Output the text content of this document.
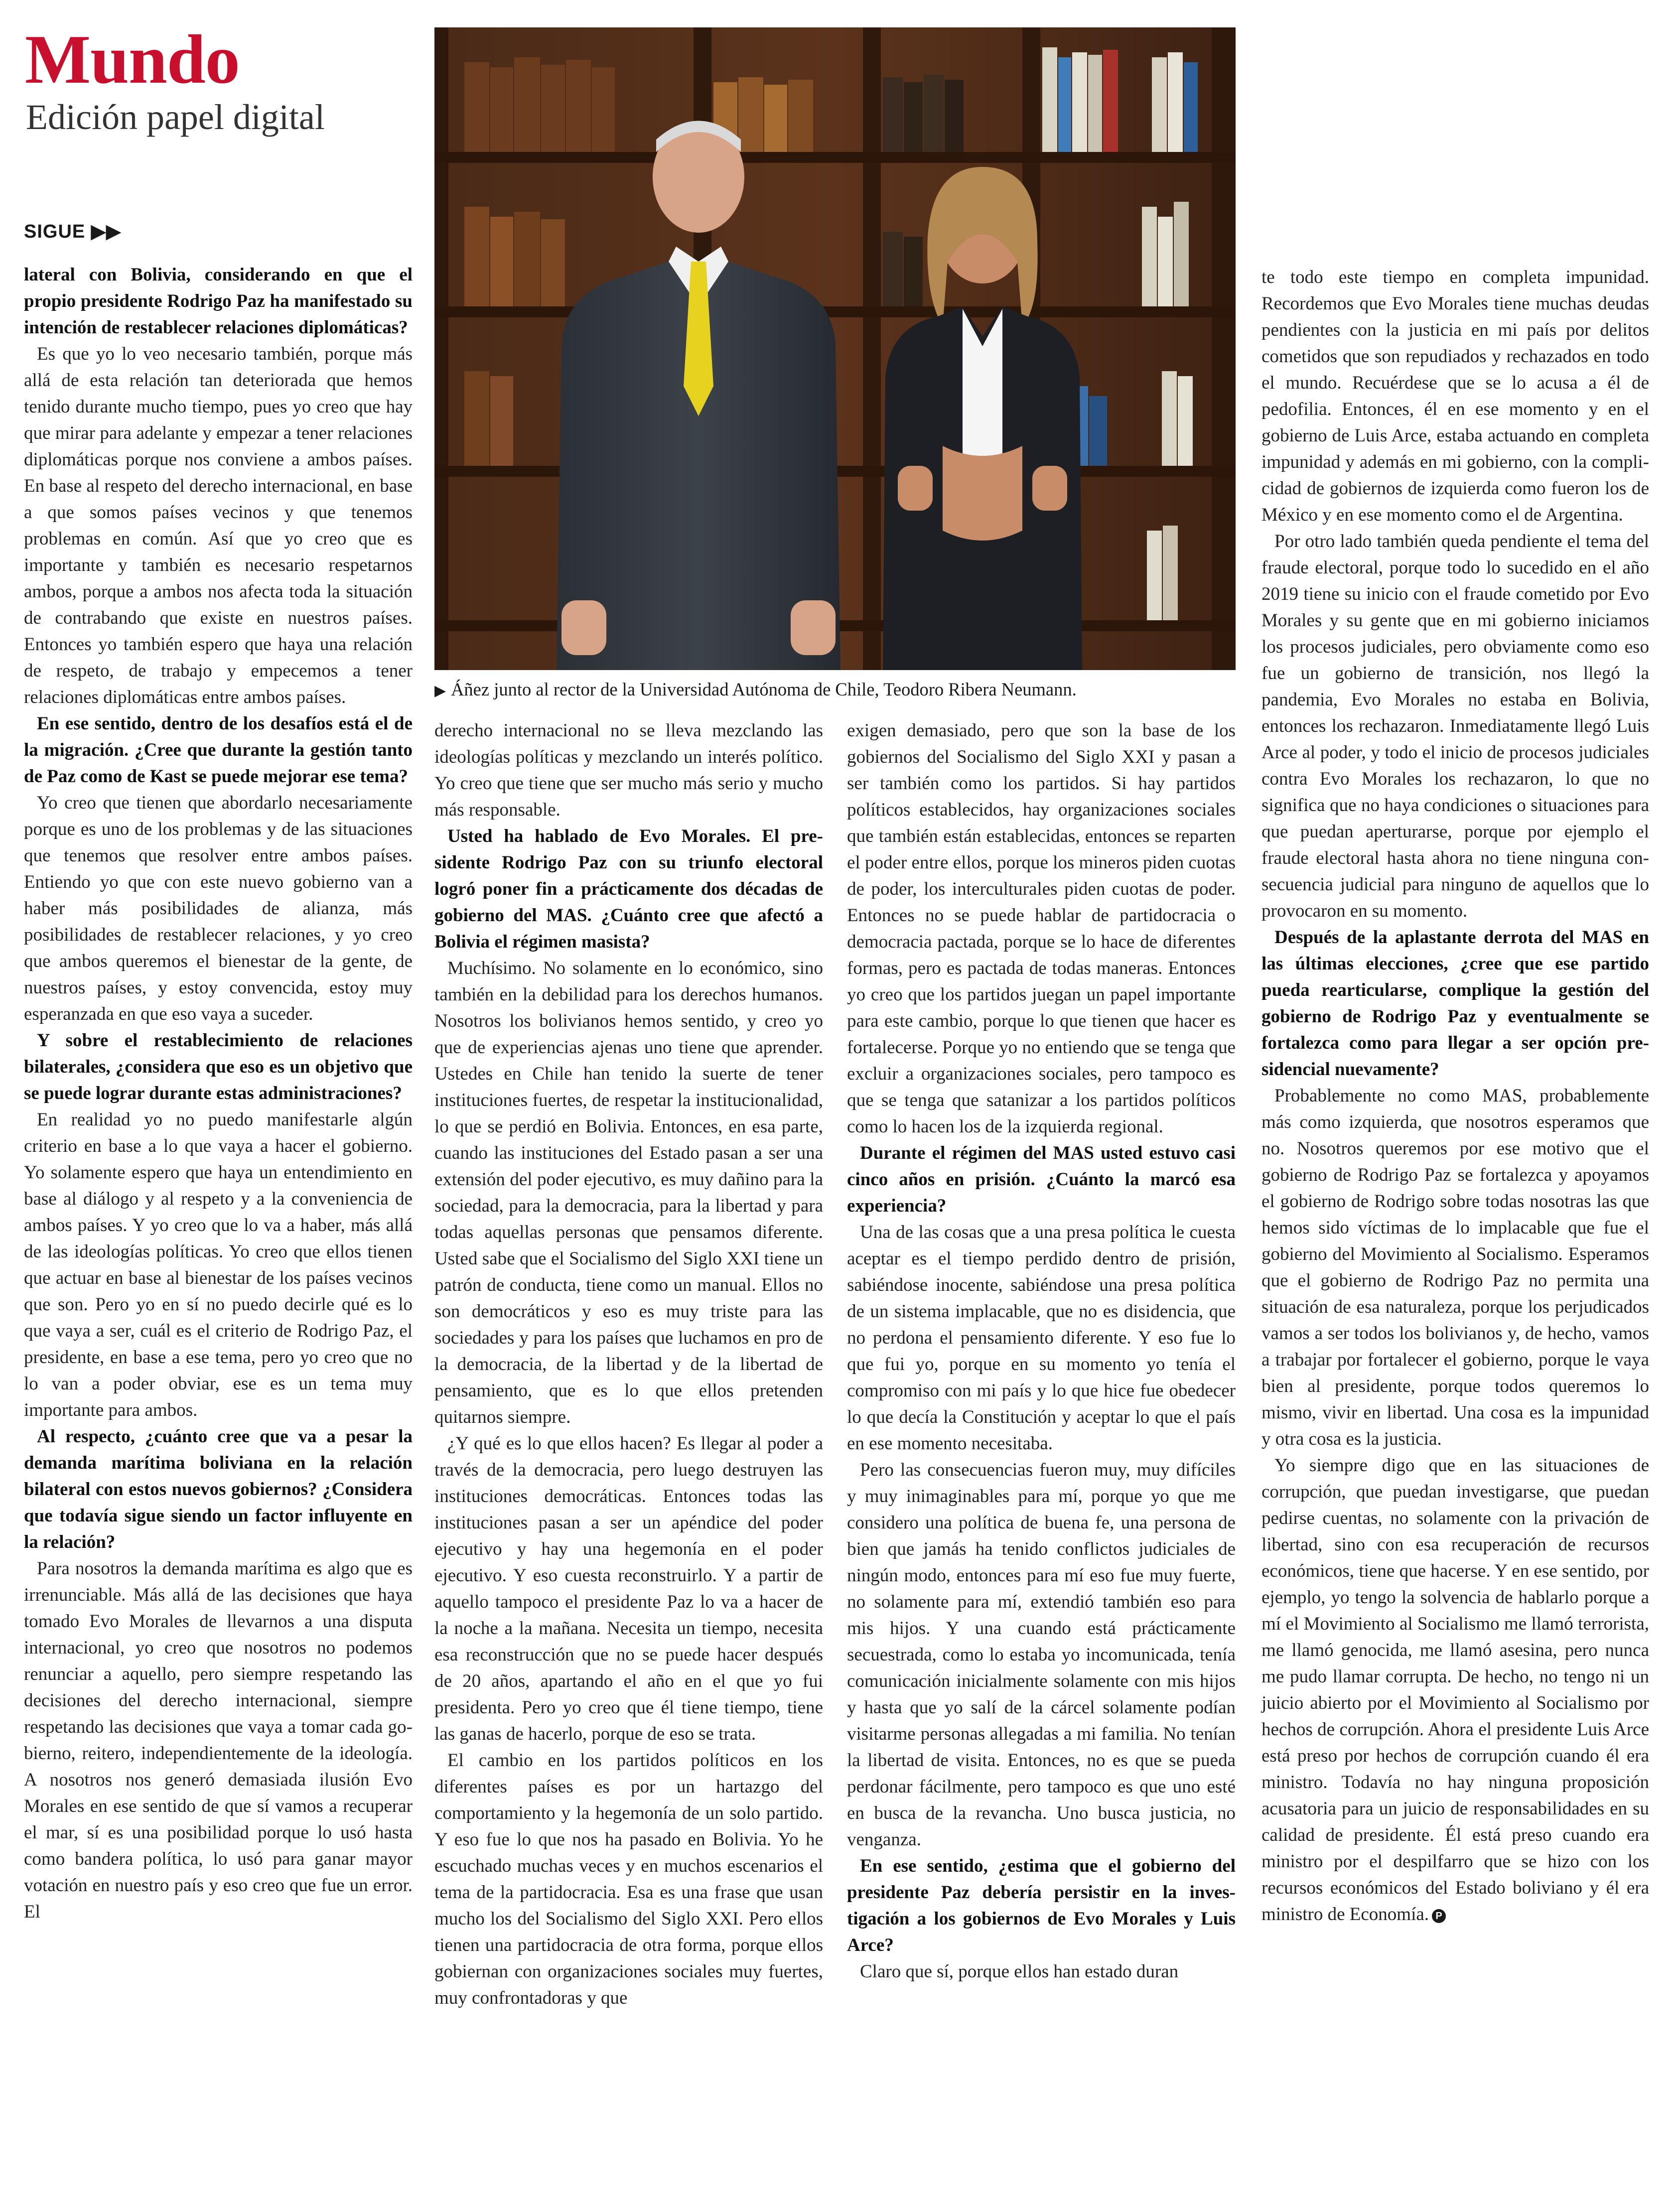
Mundo
Edición papel digital
SIGUE ▶▶
▶ Áñez junto al rector de la Universidad Autónoma de Chile, Teodoro Ribera Neumann.

lateral con Bolivia, considerando en que el propio presidente Rodrigo Paz ha manifestado su intención de restablecer relaciones diplomáticas?

Es que yo lo veo necesario también, porque más allá de esta relación tan deteriorada que hemos tenido durante mucho tiempo, pues yo creo que hay que mirar para adelante y empezar a tener relaciones diplomáticas porque nos conviene a ambos países. En base al respeto del derecho internacional, en base a que somos países vecinos y que tenemos problemas en común. Así que yo creo que es importante y también es necesario respetarnos ambos, porque a ambos nos afecta toda la situación de contrabando que existe en nuestros países. Entonces yo también espero que haya una relación de respeto, de trabajo y empecemos a tener relaciones diplomáticas entre ambos países.

En ese sentido, dentro de los desafíos está el de la migración. ¿Cree que durante la gestión tanto de Paz como de Kast se puede mejorar ese tema?

Yo creo que tienen que abordarlo necesariamente porque es uno de los problemas y de las situaciones que tenemos que resolver entre ambos países. Entiendo yo que con este nuevo gobierno van a haber más posibilidades de alianza, más posibilidades de restablecer relaciones, y yo creo que ambos queremos el bienestar de la gente, de nuestros países, y estoy convencida, estoy muy esperanzada en que eso vaya a suceder.

Y sobre el restablecimiento de relaciones bilaterales, ¿considera que eso es un objetivo que se puede lograr durante estas administraciones?

En realidad yo no puedo manifestarle algún criterio en base a lo que vaya a hacer el gobierno. Yo solamente espero que haya un entendimiento en base al diálogo y al respeto y a la conveniencia de ambos países. Y yo creo que lo va a haber, más allá de las ideologías políticas. Yo creo que ellos tienen que actuar en base al bienestar de los países vecinos que son. Pero yo en sí no puedo decirle qué es lo que vaya a ser, cuál es el criterio de Rodrigo Paz, el presidente, en base a ese tema, pero yo creo que no lo van a poder obviar, ese es un tema muy importante para ambos.

Al respecto, ¿cuánto cree que va a pesar la demanda marítima boliviana en la relación bilateral con estos nuevos gobiernos? ¿Considera que todavía sigue siendo un factor influyente en la relación?

Para nosotros la demanda marítima es algo que es irrenunciable. Más allá de las decisiones que haya tomado Evo Morales de llevarnos a una disputa internacional, yo creo que nosotros no podemos renunciar a aquello, pero siempre respetando las decisiones del derecho internacional, siempre respetando las decisiones que vaya a tomar cada gobierno, reitero, independientemente de la ideología. A nosotros nos generó demasiada ilusión Evo Morales en ese sentido de que sí vamos a recuperar el mar, sí es una posibilidad porque lo usó hasta como bandera política, lo usó para ganar mayor votación en nuestro país y eso creo que fue un error. El

derecho internacional no se lleva mezclando las ideologías políticas y mezclando un interés político. Yo creo que tiene que ser mucho más serio y mucho más responsable.

Usted ha hablado de Evo Morales. El presidente Rodrigo Paz con su triunfo electoral logró poner fin a prácticamente dos décadas de gobierno del MAS. ¿Cuánto cree que afectó a Bolivia el régimen masista?

Muchísimo. No solamente en lo económico, sino también en la debilidad para los derechos humanos. Nosotros los bolivianos hemos sentido, y creo yo que de experiencias ajenas uno tiene que aprender. Ustedes en Chile han tenido la suerte de tener instituciones fuertes, de respetar la institucionalidad, lo que se perdió en Bolivia. Entonces, en esa parte, cuando las instituciones del Estado pasan a ser una extensión del poder ejecutivo, es muy dañino para la sociedad, para la democracia, para la libertad y para todas aquellas personas que pensamos diferente. Usted sabe que el Socialismo del Siglo XXI tiene un patrón de conducta, tiene como un manual. Ellos no son democráticos y eso es muy triste para las sociedades y para los países que luchamos en pro de la democracia, de la libertad y de la libertad de pensamiento, que es lo que ellos pretenden quitarnos siempre.

¿Y qué es lo que ellos hacen? Es llegar al poder a través de la democracia, pero luego destruyen las instituciones democráticas. Entonces todas las instituciones pasan a ser un apéndice del poder ejecutivo y hay una hegemonía en el poder ejecutivo. Y eso cuesta reconstruirlo. Y a partir de aquello tampoco el presidente Paz lo va a hacer de la noche a la mañana. Necesita un tiempo, necesita esa reconstrucción que no se puede hacer después de 20 años, apartando el año en el que yo fui presidenta. Pero yo creo que él tiene tiempo, tiene las ganas de hacerlo, porque de eso se trata.

El cambio en los partidos políticos en los diferentes países es por un hartazgo del comportamiento y la hegemonía de un solo partido. Y eso fue lo que nos ha pasado en Bolivia. Yo he escuchado muchas veces y en muchos escenarios el tema de la partidocracia. Esa es una frase que usan mucho los del Socialismo del Siglo XXI. Pero ellos tienen una partidocracia de otra forma, porque ellos gobiernan con organizaciones sociales muy fuertes, muy confrontadoras y que

exigen demasiado, pero que son la base de los gobiernos del Socialismo del Siglo XXI y pasan a ser también como los partidos. Si hay partidos políticos establecidos, hay organizaciones sociales que también están establecidas, entonces se reparten el poder entre ellos, porque los mineros piden cuotas de poder, los interculturales piden cuotas de poder. Entonces no se puede hablar de partidocracia o democracia pactada, porque se lo hace de diferentes formas, pero es pactada de todas maneras. Entonces yo creo que los partidos juegan un papel importante para este cambio, porque lo que tienen que hacer es fortalecerse. Porque yo no entiendo que se tenga que excluir a organizaciones sociales, pero tampoco es que se tenga que satanizar a los partidos políticos como lo hacen los de la izquierda regional.

Durante el régimen del MAS usted estuvo casi cinco años en prisión. ¿Cuánto la marcó esa experiencia?

Una de las cosas que a una presa política le cuesta aceptar es el tiempo perdido dentro de prisión, sabiéndose inocente, sabiéndose una presa política de un sistema implacable, que no es disidencia, que no perdona el pensamiento diferente. Y eso fue lo que fui yo, porque en su momento yo tenía el compromiso con mi país y lo que hice fue obedecer lo que decía la Constitución y aceptar lo que el país en ese momento necesitaba.

Pero las consecuencias fueron muy, muy difíciles y muy inimaginables para mí, porque yo que me considero una política de buena fe, una persona de bien que jamás ha tenido conflictos judiciales de ningún modo, entonces para mí eso fue muy fuerte, no solamente para mí, extendió también eso para mis hijos. Y una cuando está prácticamente secuestrada, como lo estaba yo incomunicada, tenía comunicación inicialmente solamente con mis hijos y hasta que yo salí de la cárcel solamente podían visitarme personas allegadas a mi familia. No tenían la libertad de visita. Entonces, no es que se pueda perdonar fácilmente, pero tampoco es que uno esté en busca de la revancha. Uno busca justicia, no venganza.

En ese sentido, ¿estima que el gobierno del presidente Paz debería persistir en la investigación a los gobiernos de Evo Morales y Luis Arce?

Claro que sí, porque ellos han estado duran

te todo este tiempo en completa impunidad. Recordemos que Evo Morales tiene muchas deudas pendientes con la justicia en mi país por delitos cometidos que son repudiados y rechazados en todo el mundo. Recuérdese que se lo acusa a él de pedofilia. Entonces, él en ese momento y en el gobierno de Luis Arce, estaba actuando en completa impunidad y además en mi gobierno, con la complicidad de gobiernos de izquierda como fueron los de México y en ese momento como el de Argentina.

Por otro lado también queda pendiente el tema del fraude electoral, porque todo lo sucedido en el año 2019 tiene su inicio con el fraude cometido por Evo Morales y su gente que en mi gobierno iniciamos los procesos judiciales, pero obviamente como eso fue un gobierno de transición, nos llegó la pandemia, Evo Morales no estaba en Bolivia, entonces los rechazaron. Inmediatamente llegó Luis Arce al poder, y todo el inicio de procesos judiciales contra Evo Morales los rechazaron, lo que no significa que no haya condiciones o situaciones para que puedan aperturarse, porque por ejemplo el fraude electoral hasta ahora no tiene ninguna consecuencia judicial para ninguno de aquellos que lo provocaron en su momento.

Después de la aplastante derrota del MAS en las últimas elecciones, ¿cree que ese partido pueda rearticularse, complique la gestión del gobierno de Rodrigo Paz y eventualmente se fortalezca como para llegar a ser opción presidencial nuevamente?

Probablemente no como MAS, probablemente más como izquierda, que nosotros esperamos que no. Nosotros queremos por ese motivo que el gobierno de Rodrigo Paz se fortalezca y apoyamos el gobierno de Rodrigo sobre todas nosotras las que hemos sido víctimas de lo implacable que fue el gobierno del Movimiento al Socialismo. Esperamos que el gobierno de Rodrigo Paz no permita una situación de esa naturaleza, porque los perjudicados vamos a ser todos los bolivianos y, de hecho, vamos a trabajar por fortalecer el gobierno, porque le vaya bien al presidente, porque todos queremos lo mismo, vivir en libertad. Una cosa es la impunidad y otra cosa es la justicia.

Yo siempre digo que en las situaciones de corrupción, que puedan investigarse, que puedan pedirse cuentas, no solamente con la privación de libertad, sino con esa recuperación de recursos económicos, tiene que hacerse. Y en ese sentido, por ejemplo, yo tengo la solvencia de hablarlo porque a mí el Movimiento al Socialismo me llamó terrorista, me llamó genocida, me llamó asesina, pero nunca me pudo llamar corrupta. De hecho, no tengo ni un juicio abierto por el Movimiento al Socialismo por hechos de corrupción. Ahora el presidente Luis Arce está preso por hechos de corrupción cuando él era ministro. Todavía no hay ninguna proposición acusatoria para un juicio de responsabilidades en su calidad de presidente. Él está preso cuando era ministro por el despilfarro que se hizo con los recursos económicos del Estado boliviano y él era ministro de Economía. P
